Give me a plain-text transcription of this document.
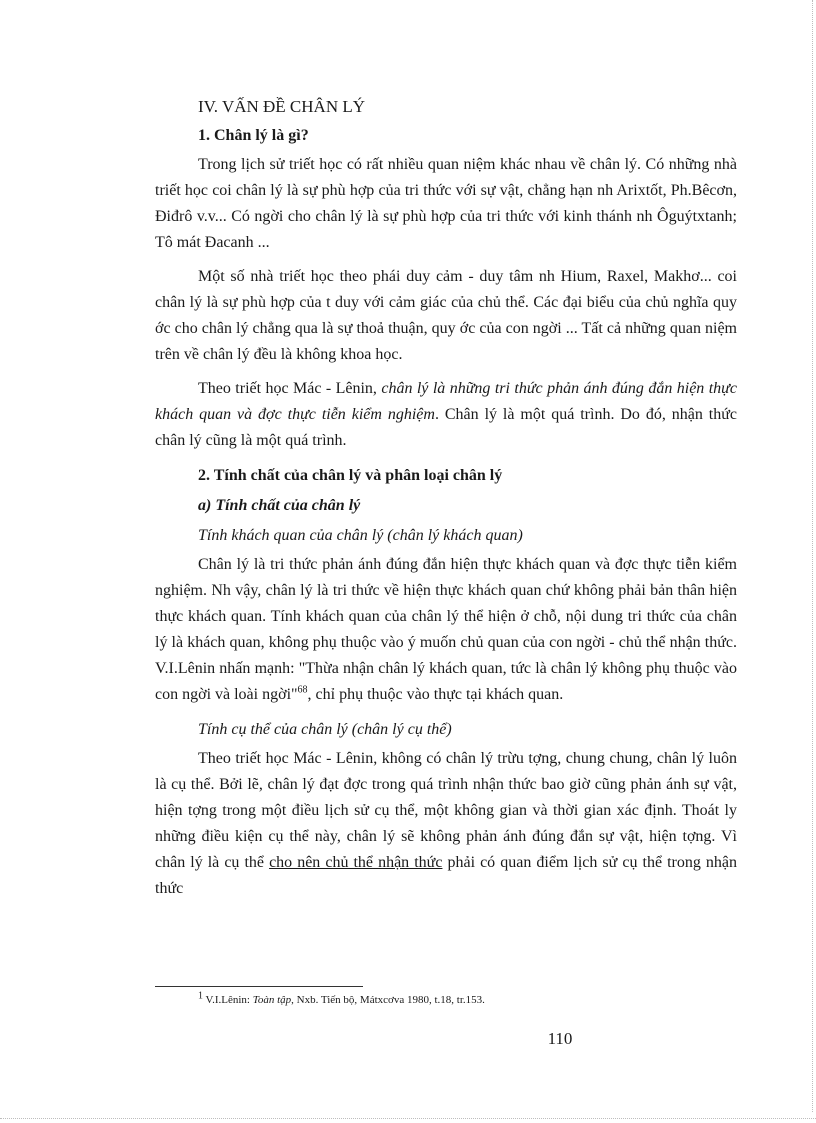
IV. VẤN ĐỀ CHÂN LÝ
1. Chân lý là gì?

Trong lịch sử triết học có rất nhiều quan niệm khác nhau về chân lý. Có những nhà triết học coi chân lý là sự phù hợp của tri thức với sự vật, chẳng hạn nh Arixtốt, Ph.Bêcơn, Điđrô v.v... Có ngời cho chân lý là sự phù hợp của tri thức với kinh thánh nh Ôguýtxtanh; Tô mát Đacanh ...

Một số nhà triết học theo phái duy cảm - duy tâm nh Hium, Raxel, Makhơ... coi chân lý là sự phù hợp của t duy với cảm giác của chủ thể. Các đại biểu của chủ nghĩa quy ớc cho chân lý chẳng qua là sự thoả thuận, quy ớc của con ngời ... Tất cả những quan niệm trên về chân lý đều là không khoa học.

Theo triết học Mác - Lênin, chân lý là những tri thức phản ánh đúng đắn hiện thực khách quan và đợc thực tiễn kiểm nghiệm. Chân lý là một quá trình. Do đó, nhận thức chân lý cũng là một quá trình.

2. Tính chất của chân lý và phân loại chân lý
a) Tính chất của chân lý
Tính khách quan của chân lý (chân lý khách quan)

Chân lý là tri thức phản ánh đúng đắn hiện thực khách quan và đợc thực tiễn kiểm nghiệm. Nh vậy, chân lý là tri thức về hiện thực khách quan chứ không phải bản thân hiện thực khách quan. Tính khách quan của chân lý thể hiện ở chỗ, nội dung tri thức của chân lý là khách quan, không phụ thuộc vào ý muốn chủ quan của con ngời - chủ thể nhận thức. V.I.Lênin nhấn mạnh: "Thừa nhận chân lý khách quan, tức là chân lý không phụ thuộc vào con ngời và loài ngời"$^{68}$, chỉ phụ thuộc vào thực tại khách quan.

Tính cụ thể của chân lý (chân lý cụ thể)

Theo triết học Mác - Lênin, không có chân lý trừu tợng, chung chung, chân lý luôn là cụ thể. Bởi lẽ, chân lý đạt đợc trong quá trình nhận thức bao giờ cũng phản ánh sự vật, hiện tợng trong một điều lịch sử cụ thể, một không gian và thời gian xác định. Thoát ly những điều kiện cụ thể này, chân lý sẽ không phản ánh đúng đắn sự vật, hiện tợng. Vì chân lý là cụ thể cho nên chủ thể nhận thức phải có quan điểm lịch sử cụ thể trong nhận thức

$^1$ V.I.Lênin: Toàn tập, Nxb. Tiến bộ, Mátxcơva 1980, t.18, tr.153.
110
